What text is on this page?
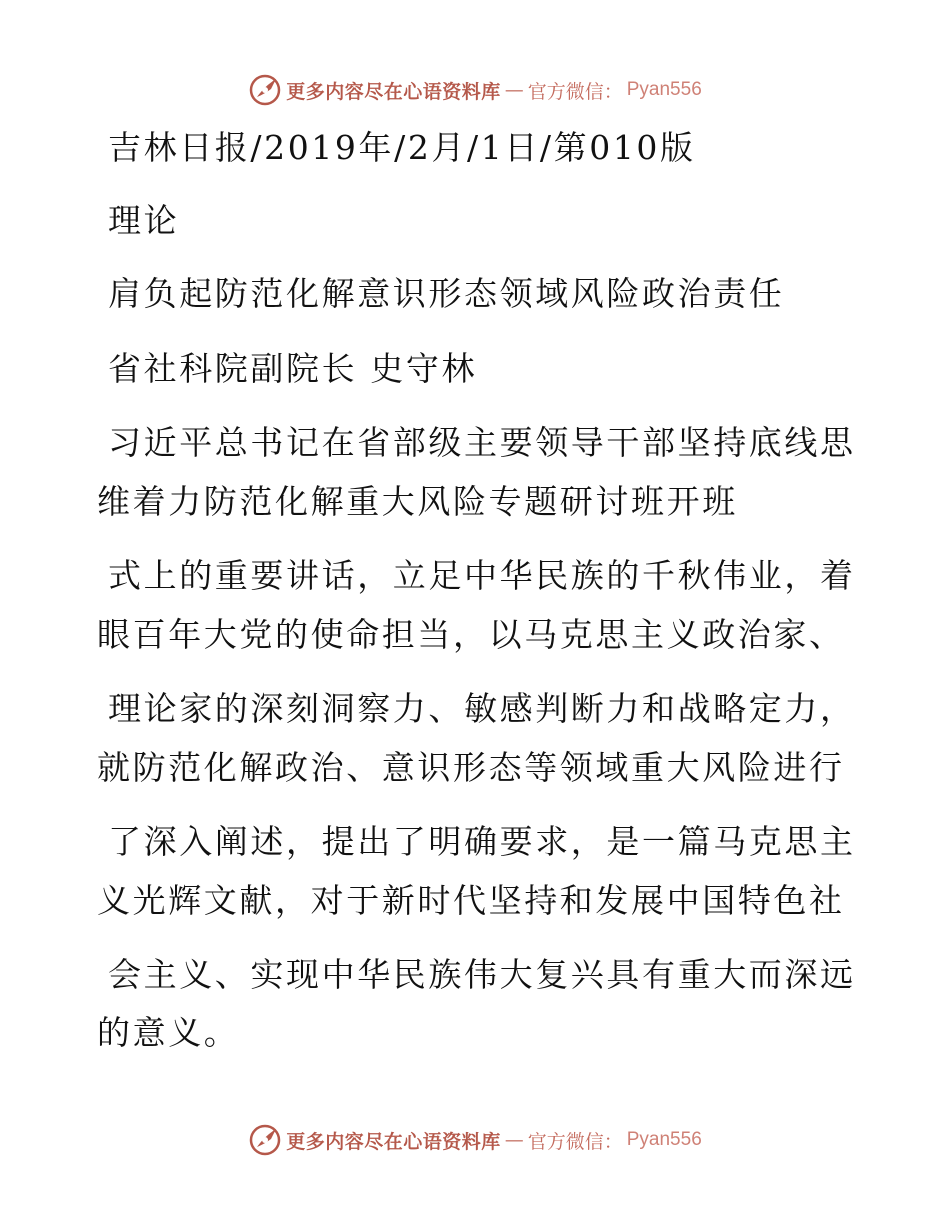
更多内容尽在心语资料库 — 官方微信： Pyan556
吉林日报/2019年/2月/1日/第010版
理论
肩负起防范化解意识形态领域风险政治责任
省社科院副院长 史守林
习近平总书记在省部级主要领导干部坚持底线思
维着力防范化解重大风险专题研讨班开班
式上的重要讲话，立足中华民族的千秋伟业，着
眼百年大党的使命担当，以马克思主义政治家、
理论家的深刻洞察力、敏感判断力和战略定力，
就防范化解政治、意识形态等领域重大风险进行
了深入阐述，提出了明确要求，是一篇马克思主
义光辉文献，对于新时代坚持和发展中国特色社
会主义、实现中华民族伟大复兴具有重大而深远
的意义。
更多内容尽在心语资料库 — 官方微信： Pyan556
